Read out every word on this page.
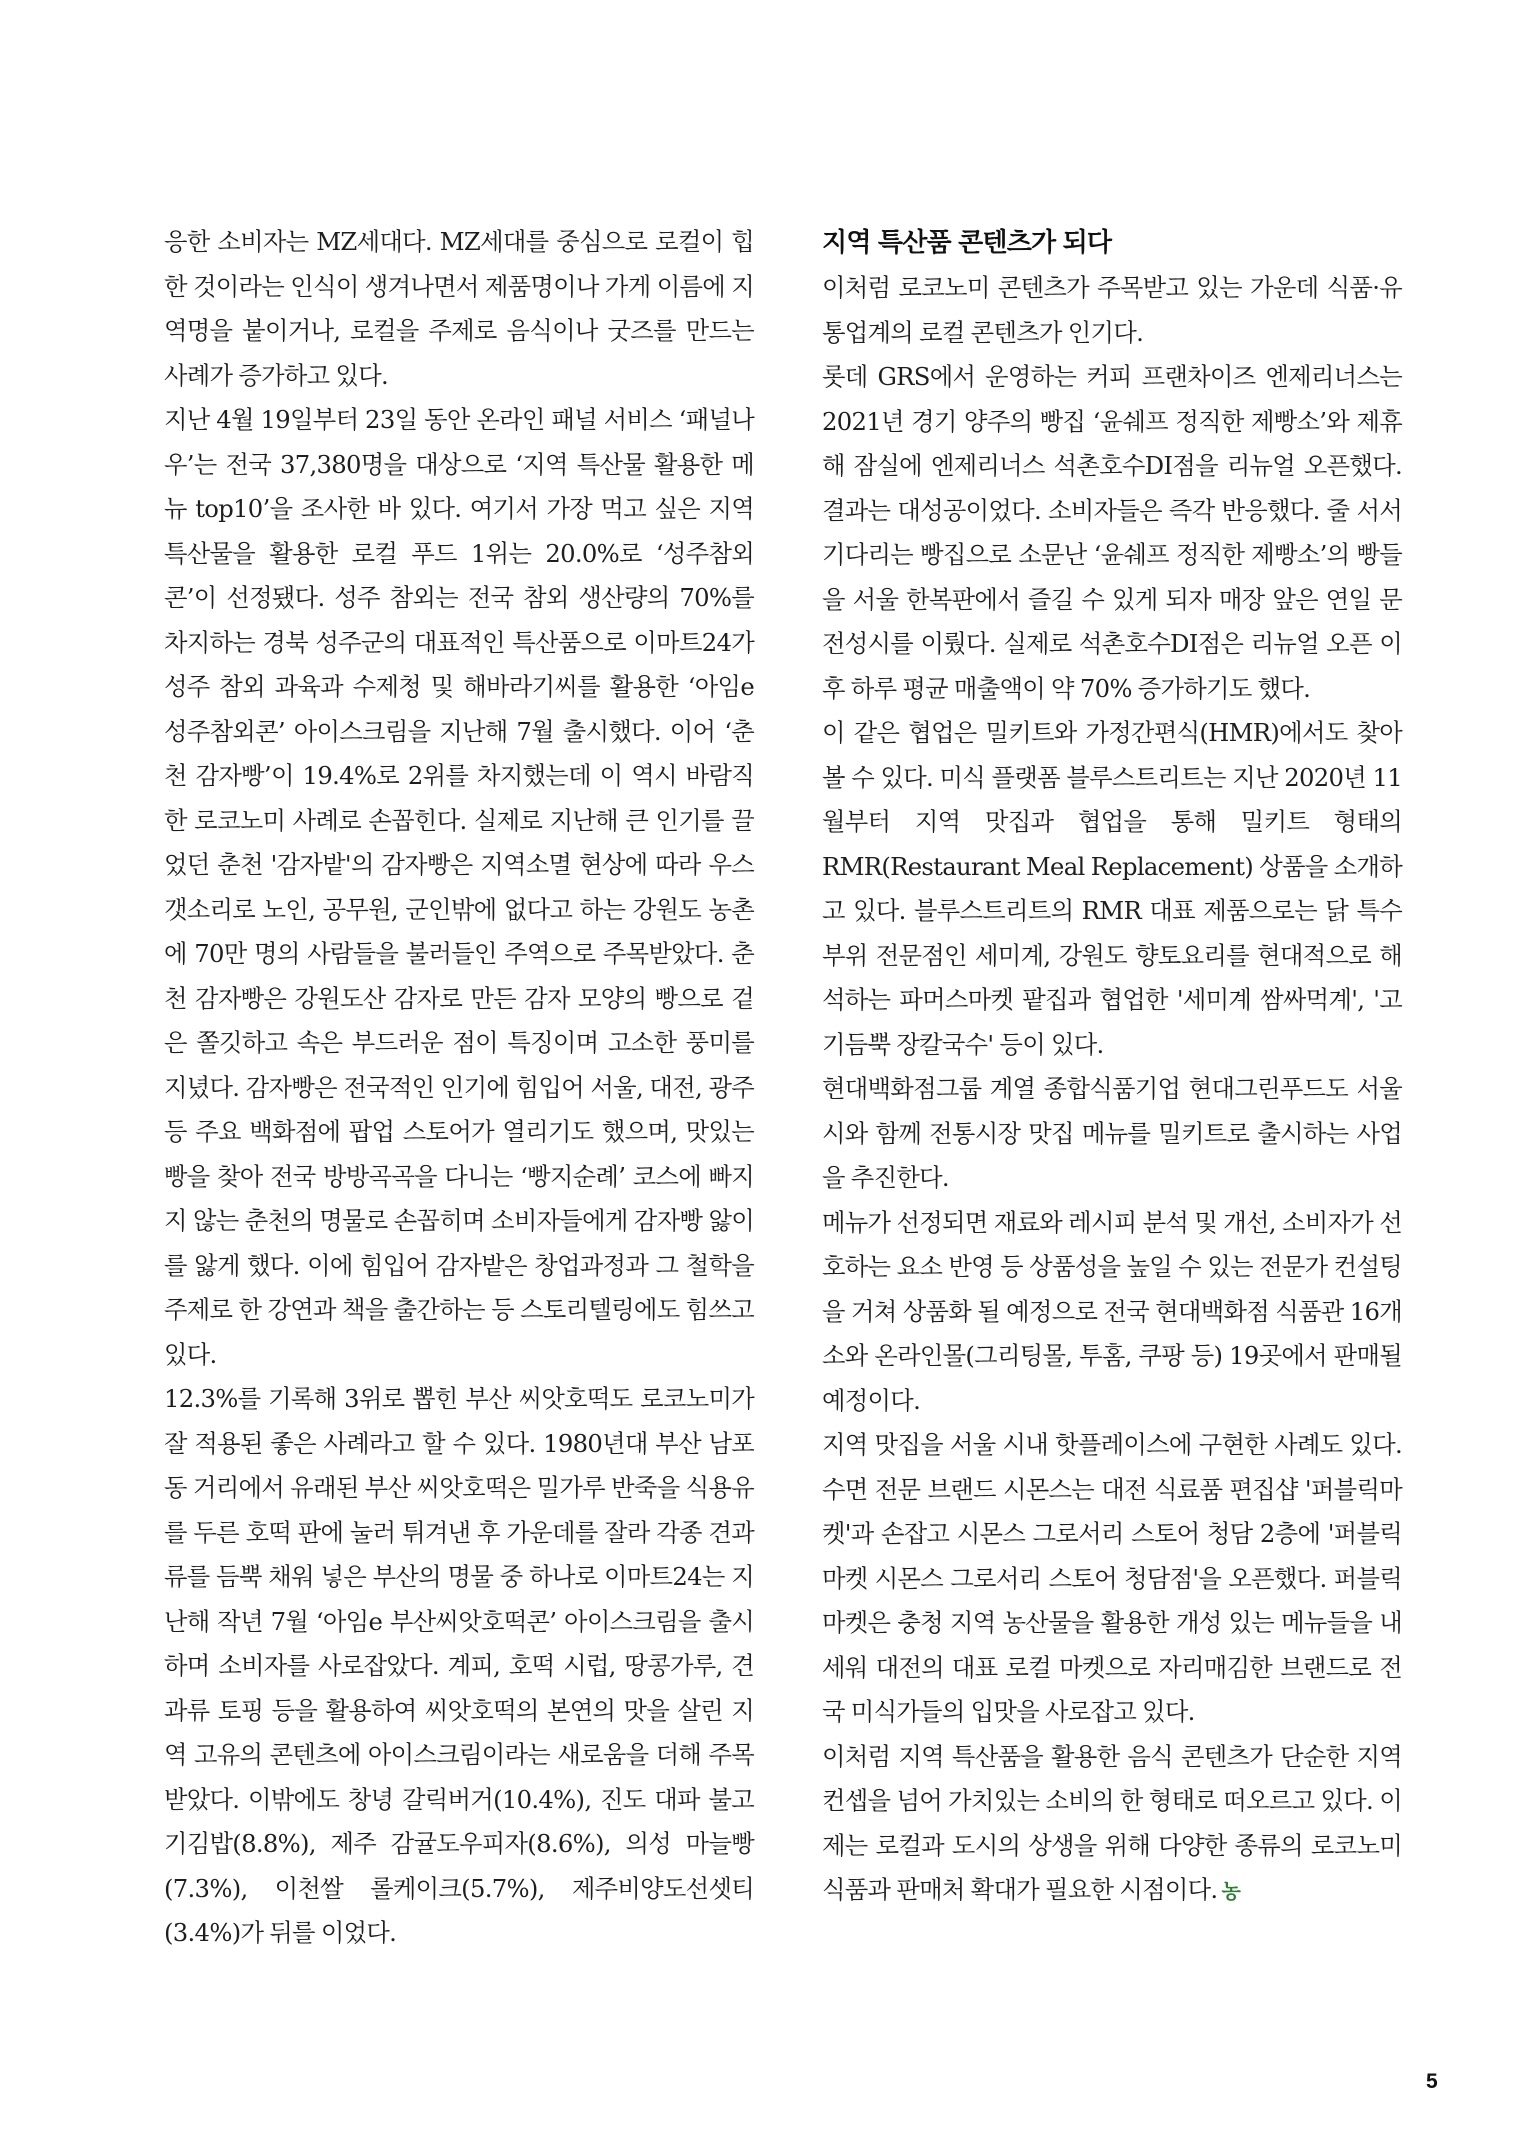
응한 소비자는 MZ세대다. MZ세대를 중심으로 로컬이 힙한 것이라는 인식이 생겨나면서 제품명이나 가게 이름에 지역명을 붙이거나, 로컬을 주제로 음식이나 굿즈를 만드는 사례가 증가하고 있다.

지난 4월 19일부터 23일 동안 온라인 패널 서비스 ‘패널나우’는 전국 37,380명을 대상으로 ‘지역 특산물 활용한 메뉴 top10’을 조사한 바 있다. 여기서 가장 먹고 싶은 지역 특산물을 활용한 로컬 푸드 1위는 20.0%로 ‘성주참외콘’이 선정됐다. 성주 참외는 전국 참외 생산량의 70%를 차지하는 경북 성주군의 대표적인 특산품으로 이마트24가 성주 참외 과육과 수제청 및 해바라기씨를 활용한 ‘아임e 성주참외콘’ 아이스크림을 지난해 7월 출시했다. 이어 ‘춘천 감자빵’이 19.4%로 2위를 차지했는데 이 역시 바람직한 로코노미 사례로 손꼽힌다. 실제로 지난해 큰 인기를 끌었던 춘천 '감자밭'의 감자빵은 지역소멸 현상에 따라 우스갯소리로 노인, 공무원, 군인밖에 없다고 하는 강원도 농촌에 70만 명의 사람들을 불러들인 주역으로 주목받았다. 춘천 감자빵은 강원도산 감자로 만든 감자 모양의 빵으로 겉은 쫄깃하고 속은 부드러운 점이 특징이며 고소한 풍미를 지녔다. 감자빵은 전국적인 인기에 힘입어 서울, 대전, 광주 등 주요 백화점에 팝업 스토어가 열리기도 했으며, 맛있는 빵을 찾아 전국 방방곡곡을 다니는 ‘빵지순례’ 코스에 빠지지 않는 춘천의 명물로 손꼽히며 소비자들에게 감자빵 앓이를 앓게 했다. 이에 힘입어 감자밭은 창업과정과 그 철학을 주제로 한 강연과 책을 출간하는 등 스토리텔링에도 힘쓰고 있다.

12.3%를 기록해 3위로 뽑힌 부산 씨앗호떡도 로코노미가 잘 적용된 좋은 사례라고 할 수 있다. 1980년대 부산 남포동 거리에서 유래된 부산 씨앗호떡은 밀가루 반죽을 식용유를 두른 호떡 판에 눌러 튀겨낸 후 가운데를 잘라 각종 견과류를 듬뿍 채워 넣은 부산의 명물 중 하나로 이마트24는 지난해 작년 7월 ‘아임e 부산씨앗호떡콘’ 아이스크림을 출시하며 소비자를 사로잡았다. 계피, 호떡 시럽, 땅콩가루, 견과류 토핑 등을 활용하여 씨앗호떡의 본연의 맛을 살린 지역 고유의 콘텐츠에 아이스크림이라는 새로움을 더해 주목받았다. 이밖에도 창녕 갈릭버거(10.4%), 진도 대파 불고기김밥(8.8%), 제주 감귤도우피자(8.6%), 의성 마늘빵(7.3%), 이천쌀 롤케이크(5.7%), 제주비양도선셋티(3.4%)가 뒤를 이었다.

지역 특산품 콘텐츠가 되다

이처럼 로코노미 콘텐츠가 주목받고 있는 가운데 식품·유통업계의 로컬 콘텐츠가 인기다.

롯데 GRS에서 운영하는 커피 프랜차이즈 엔제리너스는 2021년 경기 양주의 빵집 ‘윤쉐프 정직한 제빵소’와 제휴해 잠실에 엔제리너스 석촌호수DI점을 리뉴얼 오픈했다. 결과는 대성공이었다. 소비자들은 즉각 반응했다. 줄 서서 기다리는 빵집으로 소문난 ‘윤쉐프 정직한 제빵소’의 빵들을 서울 한복판에서 즐길 수 있게 되자 매장 앞은 연일 문전성시를 이뤘다. 실제로 석촌호수DI점은 리뉴얼 오픈 이후 하루 평균 매출액이 약 70% 증가하기도 했다.

이 같은 협업은 밀키트와 가정간편식(HMR)에서도 찾아볼 수 있다. 미식 플랫폼 블루스트리트는 지난 2020년 11월부터 지역 맛집과 협업을 통해 밀키트 형태의 RMR(Restaurant Meal Replacement) 상품을 소개하고 있다. 블루스트리트의 RMR 대표 제품으로는 닭 특수부위 전문점인 세미계, 강원도 향토요리를 현대적으로 해석하는 파머스마켓 팥집과 협업한 '세미계 쌈싸먹계', '고기듬뿍 장칼국수' 등이 있다.

현대백화점그룹 계열 종합식품기업 현대그린푸드도 서울시와 함께 전통시장 맛집 메뉴를 밀키트로 출시하는 사업을 추진한다.

메뉴가 선정되면 재료와 레시피 분석 및 개선, 소비자가 선호하는 요소 반영 등 상품성을 높일 수 있는 전문가 컨설팅을 거쳐 상품화 될 예정으로 전국 현대백화점 식품관 16개소와 온라인몰(그리팅몰, 투홈, 쿠팡 등) 19곳에서 판매될 예정이다.

지역 맛집을 서울 시내 핫플레이스에 구현한 사례도 있다. 수면 전문 브랜드 시몬스는 대전 식료품 편집샵 '퍼블릭마켓'과 손잡고 시몬스 그로서리 스토어 청담 2층에 '퍼블릭마켓 시몬스 그로서리 스토어 청담점'을 오픈했다. 퍼블릭마켓은 충청 지역 농산물을 활용한 개성 있는 메뉴들을 내세워 대전의 대표 로컬 마켓으로 자리매김한 브랜드로 전국 미식가들의 입맛을 사로잡고 있다.

이처럼 지역 특산품을 활용한 음식 콘텐츠가 단순한 지역 컨셉을 넘어 가치있는 소비의 한 형태로 떠오르고 있다. 이제는 로컬과 도시의 상생을 위해 다양한 종류의 로코노미 식품과 판매처 확대가 필요한 시점이다. 농

5
